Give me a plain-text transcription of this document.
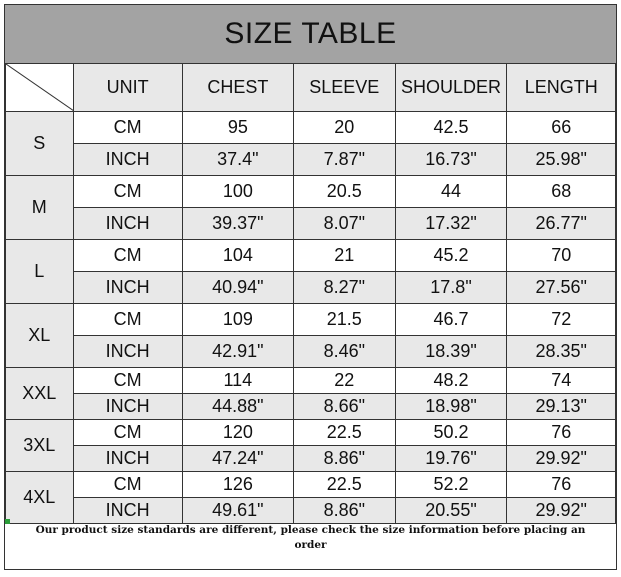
SIZE TABLE
	UNIT	CHEST	SLEEVE	SHOULDER	LENGTH
S	CM	95	20	42.5	66
	INCH	37.4"	7.87"	16.73"	25.98"
M	CM	100	20.5	44	68
	INCH	39.37"	8.07"	17.32"	26.77"
L	CM	104	21	45.2	70
	INCH	40.94"	8.27"	17.8"	27.56"
XL	CM	109	21.5	46.7	72
	INCH	42.91"	8.46"	18.39"	28.35"
XXL	CM	114	22	48.2	74
	INCH	44.88"	8.66"	18.98"	29.13"
3XL	CM	120	22.5	50.2	76
	INCH	47.24"	8.86"	19.76"	29.92"
4XL	CM	126	22.5	52.2	76
	INCH	49.61"	8.86"	20.55"	29.92"
Our product size standards are different, please check the size information before placing an order
